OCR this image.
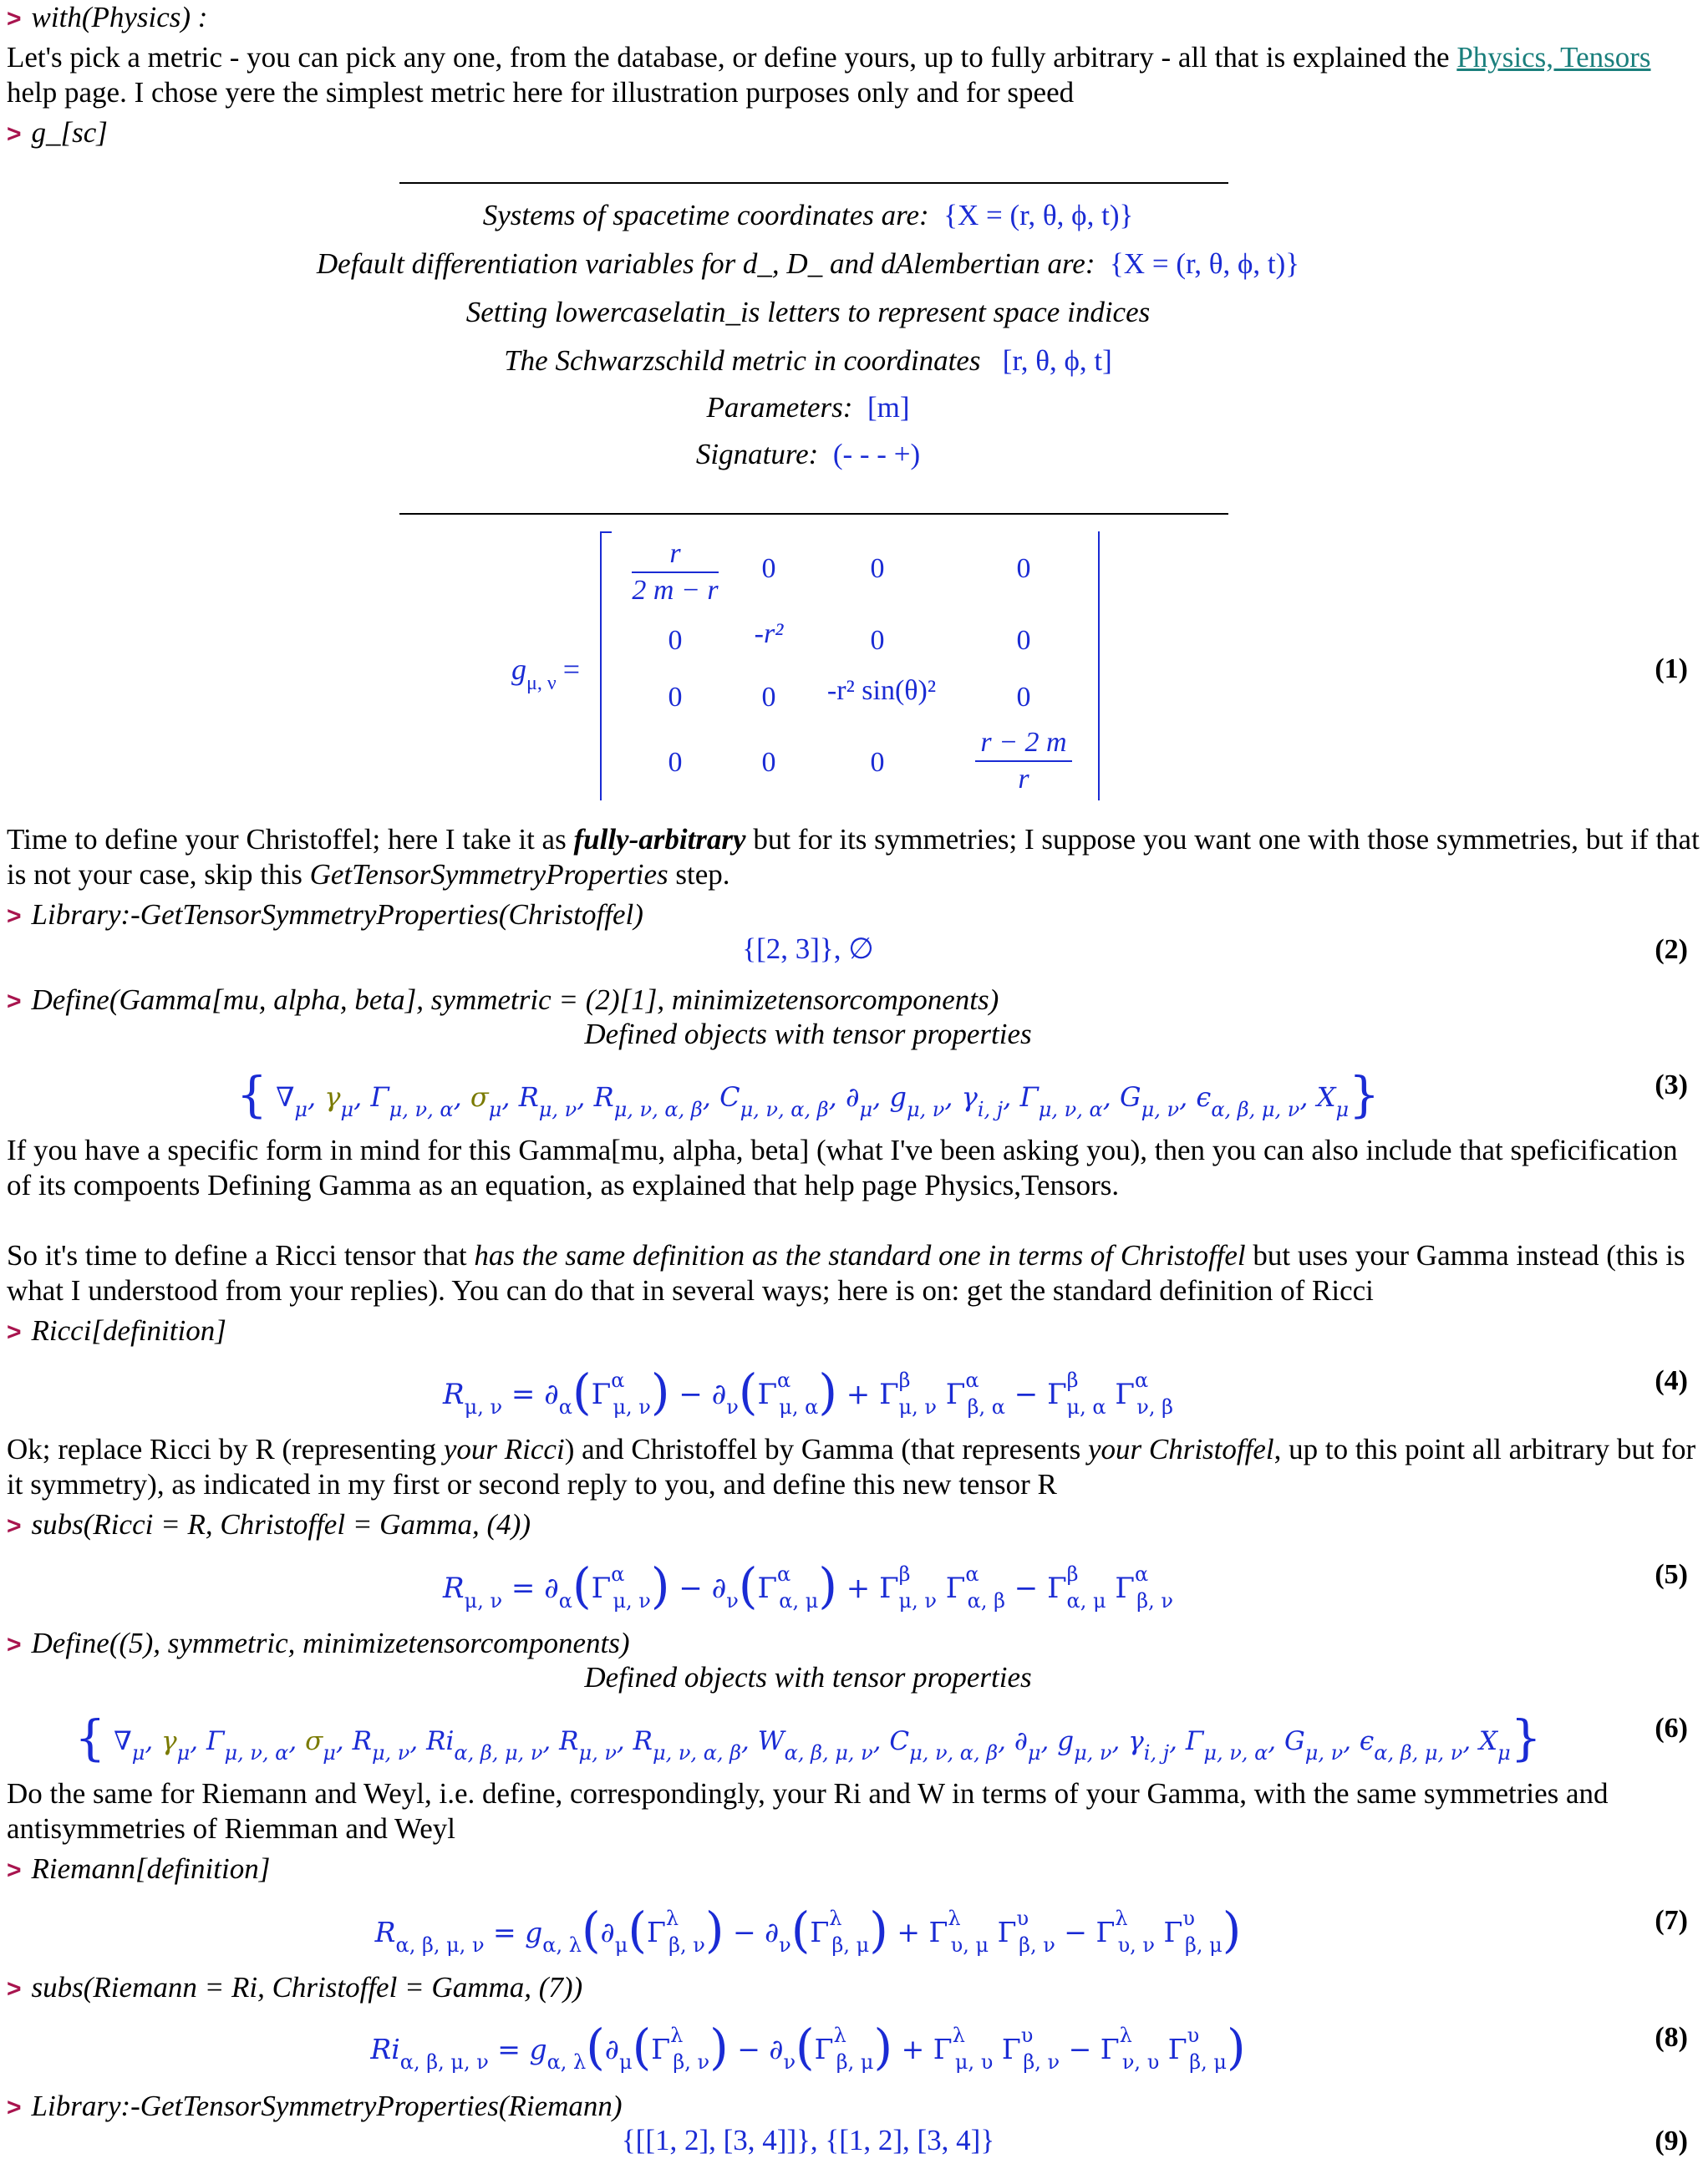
> with(Physics) :
Let's pick a metric - you can pick any one, from the database, or define yours, up to fully arbitrary - all that is explained the Physics, Tensors help page. I chose yere the simplest metric here for illustration purposes only and for speed
> g_[sc]
Systems of spacetime coordinates are: {X = (r, θ, ϕ, t)}
Default differentiation variables for d_, D_ and dAlembertian are: {X = (r, θ, ϕ, t)}
Setting lowercaselatin_is letters to represent space indices
The Schwarzschild metric in coordinates [r, θ, ϕ, t]
Parameters: [m]
Signature: (- - - +)
$g_{\mu, \nu}$ =
$\frac{r}{2 m - r}$	0	0	0
0	-r²	0	0
0	0	-r² sin(θ)²	0
0	0	0	$\frac{r - 2 m}{r}$
(1)
Time to define your Christoffel; here I take it as fully-arbitrary but for its symmetries; I suppose you want one with those symmetries, but if that is not your case, skip this GetTensorSymmetryProperties step.
> Library:-GetTensorSymmetryProperties(Christoffel)
{[2, 3]}, ∅	(2)
> Define(Gamma[mu, alpha, beta], symmetric = (2)[1], minimizetensorcomponents)
Defined objects with tensor properties
{ $\nabla_\mu$, $\gamma_\mu$, $\Gamma_{\mu, \nu, \alpha}$, $\sigma_\mu$, $R_{\mu, \nu}$, $R_{\mu, \nu, \alpha, \beta}$, $C_{\mu, \nu, \alpha, \beta}$, $\partial_\mu$, $g_{\mu, \nu}$, $\gamma_{i, j}$, $\Gamma_{\mu, \nu, \alpha}$, $G_{\mu, \nu}$, $\epsilon_{\alpha, \beta, \mu, \nu}$, $X_\mu$}	(3)
If you have a specific form in mind for this Gamma[mu, alpha, beta] (what I've been asking you), then you can also include that speficification of its compoents Defining Gamma as an equation, as explained that help page Physics,Tensors.
So it's time to define a Ricci tensor that has the same definition as the standard one in terms of Christoffel but uses your Gamma instead (this is what I understood from your replies). You can do that in several ways; here is on: get the standard definition of Ricci
> Ricci[definition]
$R_{\mu, \nu} = \partial_\alpha(\Gamma^\alpha_{\mu, \nu}) - \partial_\nu(\Gamma^\alpha_{\mu, \alpha}) + \Gamma^\beta_{\mu, \nu}$ $\Gamma^\alpha_{\beta, \alpha} - \Gamma^\beta_{\mu, \alpha}$ $\Gamma^\alpha_{\nu, \beta}$
(4)
Ok; replace Ricci by R (representing your Ricci) and Christoffel by Gamma (that represents your Christoffel, up to this point all arbitrary but for it symmetry), as indicated in my first or second reply to you, and define this new tensor R
> subs(Ricci = R, Christoffel = Gamma, (4))
$R_{\mu, \nu} = \partial_\alpha(\Gamma^\alpha_{\mu, \nu}) - \partial_\nu(\Gamma^\alpha_{\alpha, \mu}) + \Gamma^\beta_{\mu, \nu}$ $\Gamma^\alpha_{\alpha, \beta} - \Gamma^\beta_{\alpha, \mu}$ $\Gamma^\alpha_{\beta, \nu}$
(5)
> Define((5), symmetric, minimizetensorcomponents)
Defined objects with tensor properties
{ $\nabla_\mu$, $\gamma_\mu$, $\Gamma_{\mu, \nu, \alpha}$, $\sigma_\mu$, $R_{\mu, \nu}$, $Ri_{\alpha, \beta, \mu, \nu}$, $R_{\mu, \nu}$, $R_{\mu, \nu, \alpha, \beta}$, $W_{\alpha, \beta, \mu, \nu}$, $C_{\mu, \nu, \alpha, \beta}$, $\partial_\mu$, $g_{\mu, \nu}$, $\gamma_{i, j}$, $\Gamma_{\mu, \nu, \alpha}$, $G_{\mu, \nu}$, $\epsilon_{\alpha, \beta, \mu, \nu}$, $X_\mu$}	(6)
Do the same for Riemann and Weyl, i.e. define, correspondingly, your Ri and W in terms of your Gamma, with the same symmetries and antisymmetries of Riemman and Weyl
> Riemann[definition]
$R_{\alpha, \beta, \mu, \nu} = g_{\alpha, \lambda}(\partial_\mu(\Gamma^\lambda_{\beta, \nu}) - \partial_\nu(\Gamma^\lambda_{\beta, \mu}) + \Gamma^\lambda_{\upsilon, \mu}$ $\Gamma^\upsilon_{\beta, \nu} - \Gamma^\lambda_{\upsilon, \nu}$ $\Gamma^\upsilon_{\beta, \mu}$)	(7)
> subs(Riemann = Ri, Christoffel = Gamma, (7))
$Ri_{\alpha, \beta, \mu, \nu} = g_{\alpha, \lambda}(\partial_\mu(\Gamma^\lambda_{\beta, \nu}) - \partial_\nu(\Gamma^\lambda_{\beta, \mu}) + \Gamma^\lambda_{\mu, \upsilon}$ $\Gamma^\upsilon_{\beta, \nu} - \Gamma^\lambda_{\nu, \upsilon}$ $\Gamma^\upsilon_{\beta, \mu}$)	(8)
> Library:-GetTensorSymmetryProperties(Riemann)
{[[1, 2], [3, 4]]}, {[1, 2], [3, 4]}	(9)
